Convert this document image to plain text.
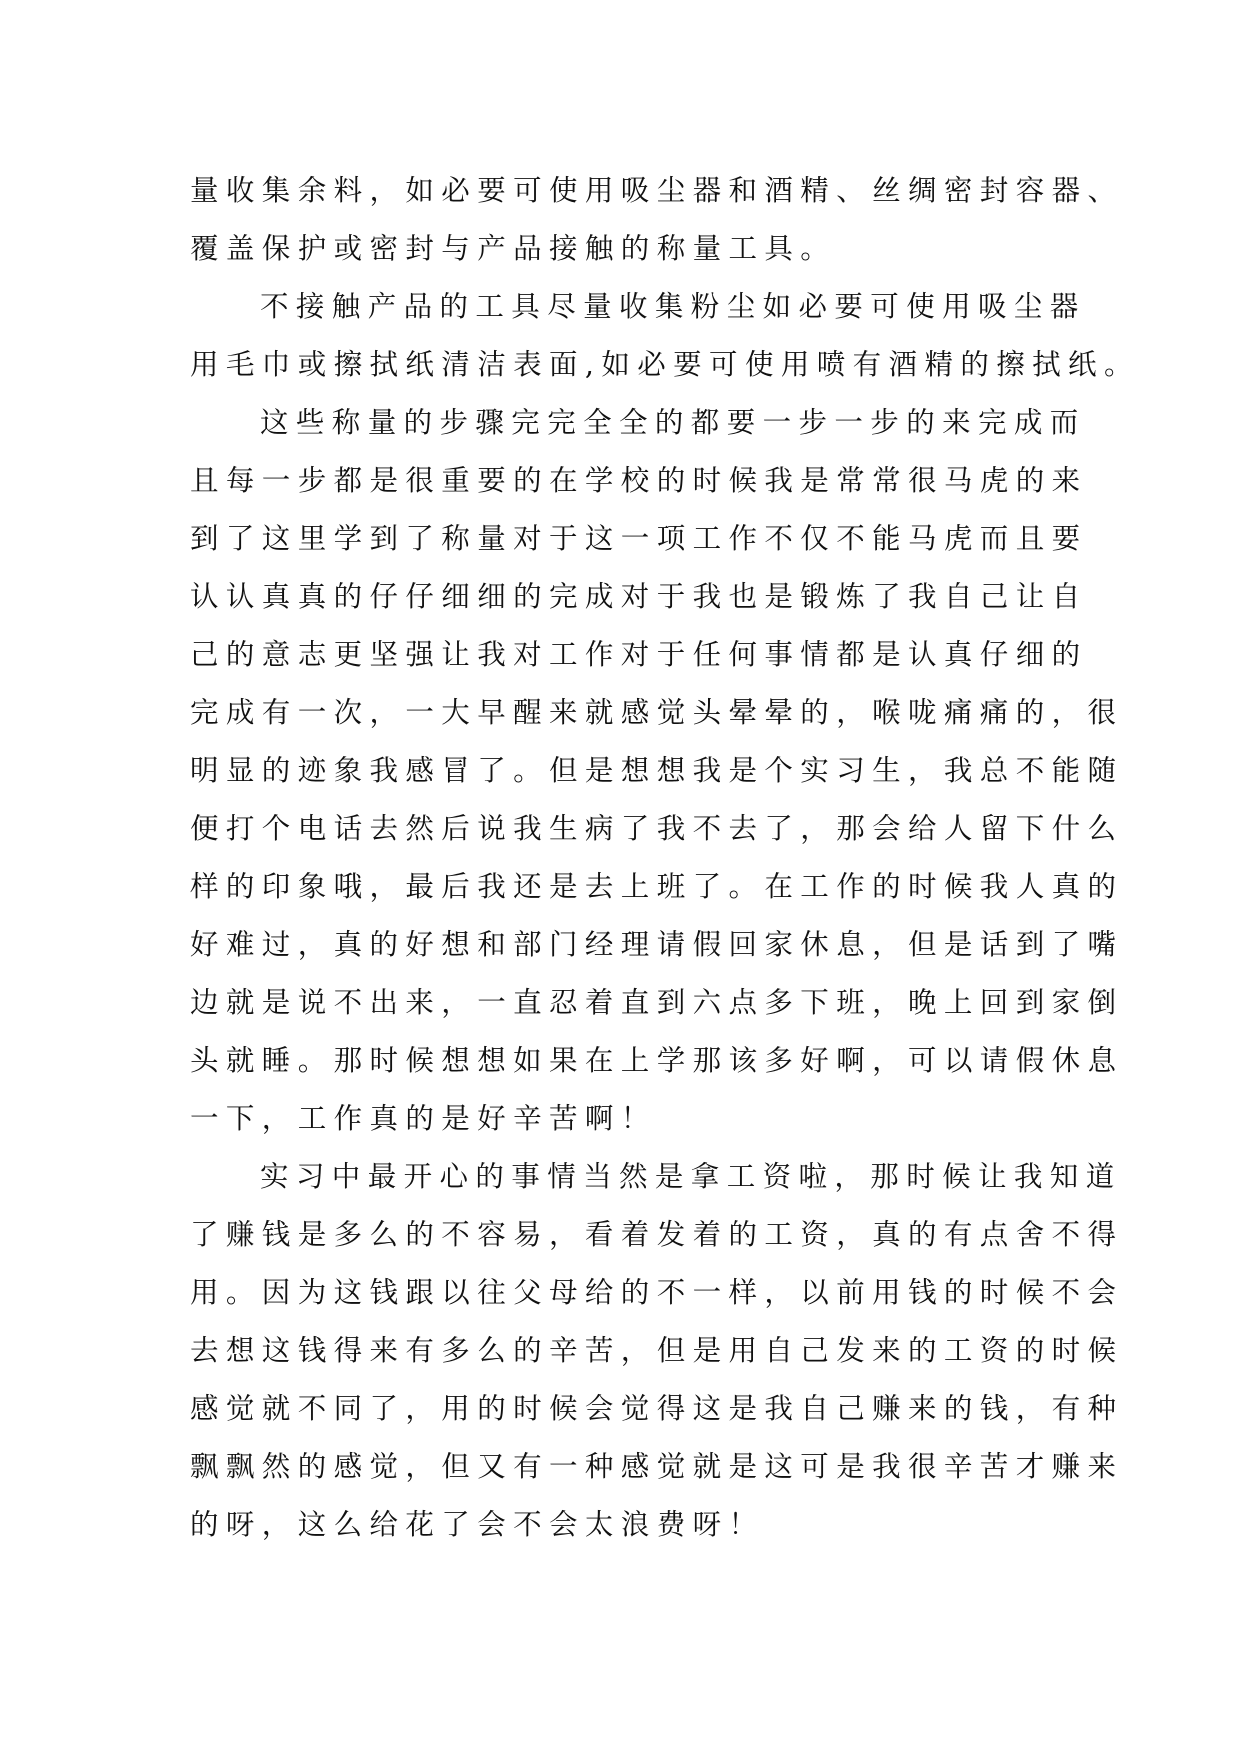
量收集余料，如必要可使用吸尘器和酒精、丝绸密封容器、
覆盖保护或密封与产品接触的称量工具。
不接触产品的工具尽量收集粉尘如必要可使用吸尘器
用毛巾或擦拭纸清洁表面,如必要可使用喷有酒精的擦拭纸。
这些称量的步骤完完全全的都要一步一步的来完成而
且每一步都是很重要的在学校的时候我是常常很马虎的来
到了这里学到了称量对于这一项工作不仅不能马虎而且要
认认真真的仔仔细细的完成对于我也是锻炼了我自己让自
己的意志更坚强让我对工作对于任何事情都是认真仔细的
完成有一次，一大早醒来就感觉头晕晕的，喉咙痛痛的，很
明显的迹象我感冒了。但是想想我是个实习生，我总不能随
便打个电话去然后说我生病了我不去了，那会给人留下什么
样的印象哦，最后我还是去上班了。在工作的时候我人真的
好难过，真的好想和部门经理请假回家休息，但是话到了嘴
边就是说不出来，一直忍着直到六点多下班，晚上回到家倒
头就睡。那时候想想如果在上学那该多好啊，可以请假休息
一下，工作真的是好辛苦啊！
实习中最开心的事情当然是拿工资啦，那时候让我知道
了赚钱是多么的不容易，看着发着的工资，真的有点舍不得
用。因为这钱跟以往父母给的不一样，以前用钱的时候不会
去想这钱得来有多么的辛苦，但是用自己发来的工资的时候
感觉就不同了，用的时候会觉得这是我自己赚来的钱，有种
飘飘然的感觉，但又有一种感觉就是这可是我很辛苦才赚来
的呀，这么给花了会不会太浪费呀！
